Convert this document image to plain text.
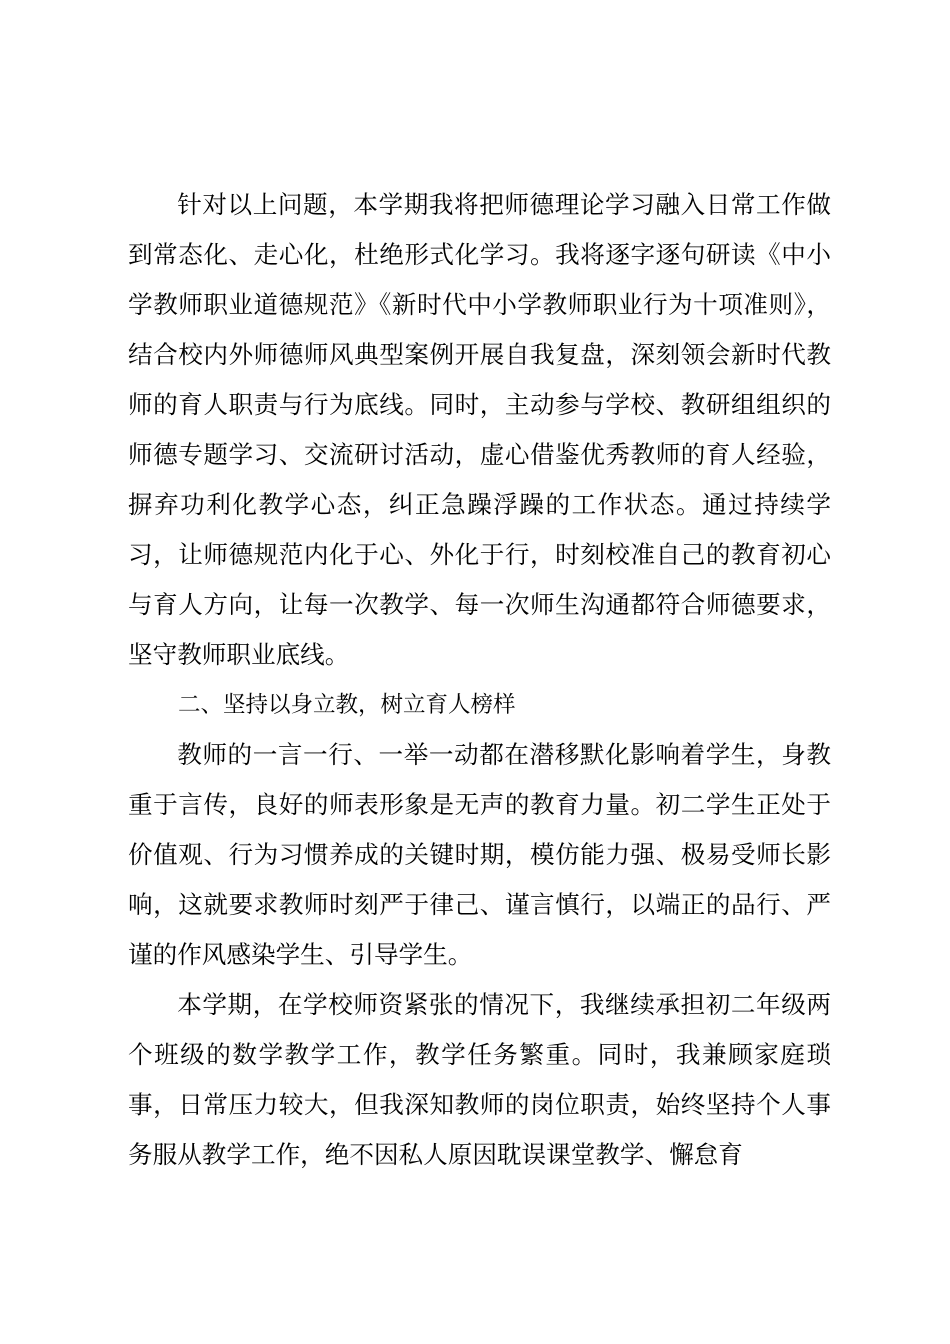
针对以上问题，本学期我将把师德理论学习融入日常工作做到常态化、走心化，杜绝形式化学习。我将逐字逐句研读《中小学教师职业道德规范》《新时代中小学教师职业行为十项准则》，结合校内外师德师风典型案例开展自我复盘，深刻领会新时代教师的育人职责与行为底线。同时，主动参与学校、教研组组织的师德专题学习、交流研讨活动，虚心借鉴优秀教师的育人经验，摒弃功利化教学心态，纠正急躁浮躁的工作状态。通过持续学习，让师德规范内化于心、外化于行，时刻校准自己的教育初心与育人方向，让每一次教学、每一次师生沟通都符合师德要求，坚守教师职业底线。

二、坚持以身立教，树立育人榜样

教师的一言一行、一举一动都在潜移默化影响着学生，身教重于言传，良好的师表形象是无声的教育力量。初二学生正处于价值观、行为习惯养成的关键时期，模仿能力强、极易受师长影响，这就要求教师时刻严于律己、谨言慎行，以端正的品行、严谨的作风感染学生、引导学生。

本学期，在学校师资紧张的情况下，我继续承担初二年级两个班级的数学教学工作，教学任务繁重。同时，我兼顾家庭琐事，日常压力较大，但我深知教师的岗位职责，始终坚持个人事务服从教学工作，绝不因私人原因耽误课堂教学、懈怠育
